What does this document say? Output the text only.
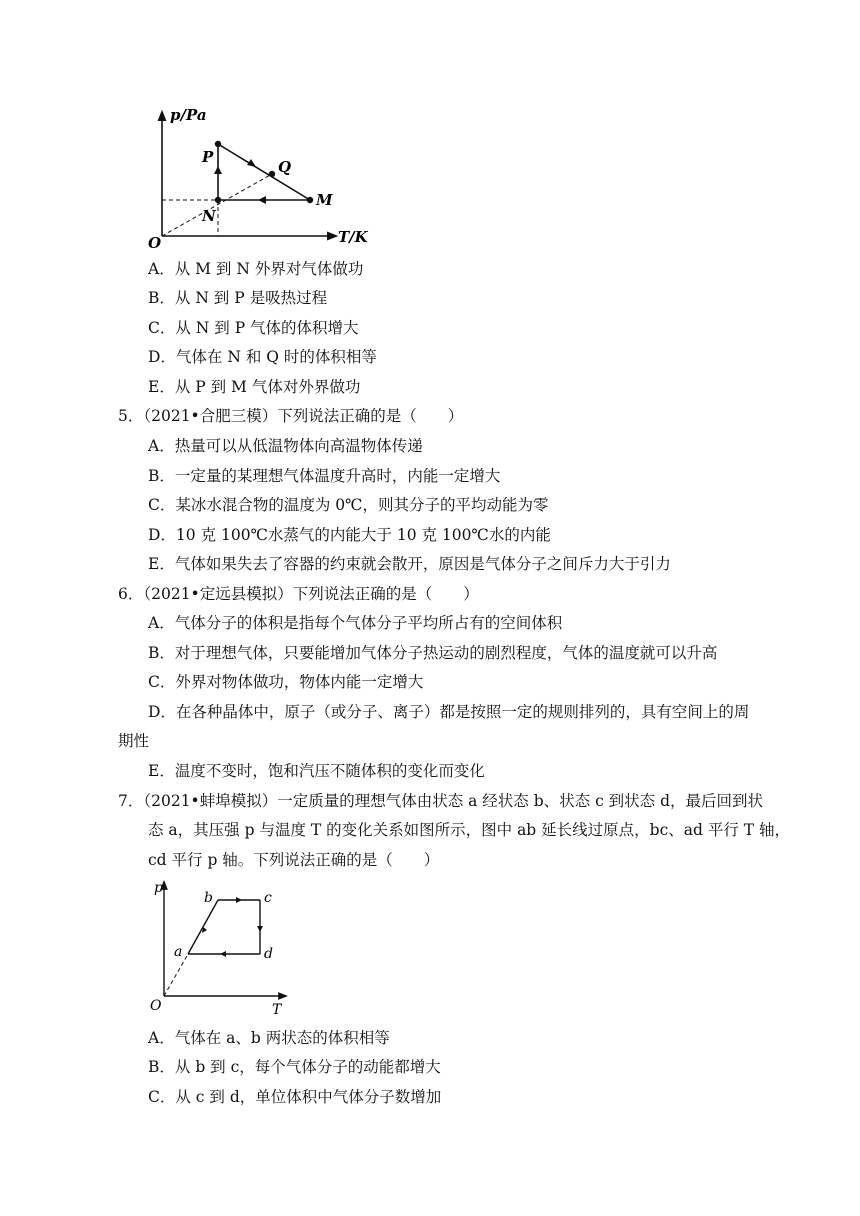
p/Pa
T/K
O
P
Q
N
M
A．从 M 到 N 外界对气体做功
B．从 N 到 P 是吸热过程
C．从 N 到 P 气体的体积增大
D．气体在 N 和 Q 时的体积相等
E．从 P 到 M 气体对外界做功
5．（2021•合肥三模）下列说法正确的是（　　）
A．热量可以从低温物体向高温物体传递
B．一定量的某理想气体温度升高时，内能一定增大
C．某冰水混合物的温度为 0℃，则其分子的平均动能为零
D．10 克 100℃水蒸气的内能大于 10 克 100℃水的内能
E．气体如果失去了容器的约束就会散开，原因是气体分子之间斥力大于引力
6．（2021•定远县模拟）下列说法正确的是（　　）
A．气体分子的体积是指每个气体分子平均所占有的空间体积
B．对于理想气体，只要能增加气体分子热运动的剧烈程度，气体的温度就可以升高
C．外界对物体做功，物体内能一定增大
D．在各种晶体中，原子（或分子、离子）都是按照一定的规则排列的，具有空间上的周
期性
E．温度不变时，饱和汽压不随体积的变化而变化
7．（2021•蚌埠模拟）一定质量的理想气体由状态 a 经状态 b、状态 c 到状态 d，最后回到状
态 a，其压强 p 与温度 T 的变化关系如图所示，图中 ab 延长线过原点，bc、ad 平行 T 轴，
cd 平行 p 轴。下列说法正确的是（　　）
p
T
O
a
b	c
d
A．气体在 a、b 两状态的体积相等
B．从 b 到 c，每个气体分子的动能都增大
C．从 c 到 d，单位体积中气体分子数增加
